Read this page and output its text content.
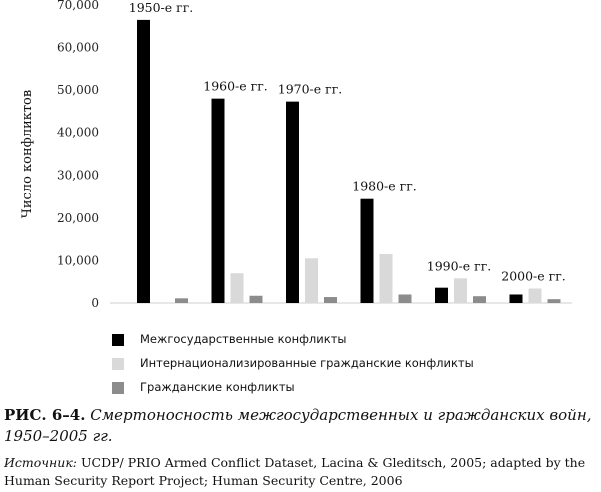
0
10,000
20,000
30,000
40,000
50,000
60,000
70,000 1950-е гг.
1960-е гг. 1970-е гг.
1980-е гг.
1990-е гг.
2000-е гг.
Число конфликтов
Межгосударственные конфликты
Интернационализированные гражданские конфликты
Гражданские конфликты

РИС. 6–4. Смертоносность межгосударственных и гражданских войн, 1950–2005 гг.

Источник: UCDP/ PRIO Armed Conflict Dataset, Lacina & Gleditsch, 2005; adapted by the Human Security Report Project; Human Security Centre, 2006
